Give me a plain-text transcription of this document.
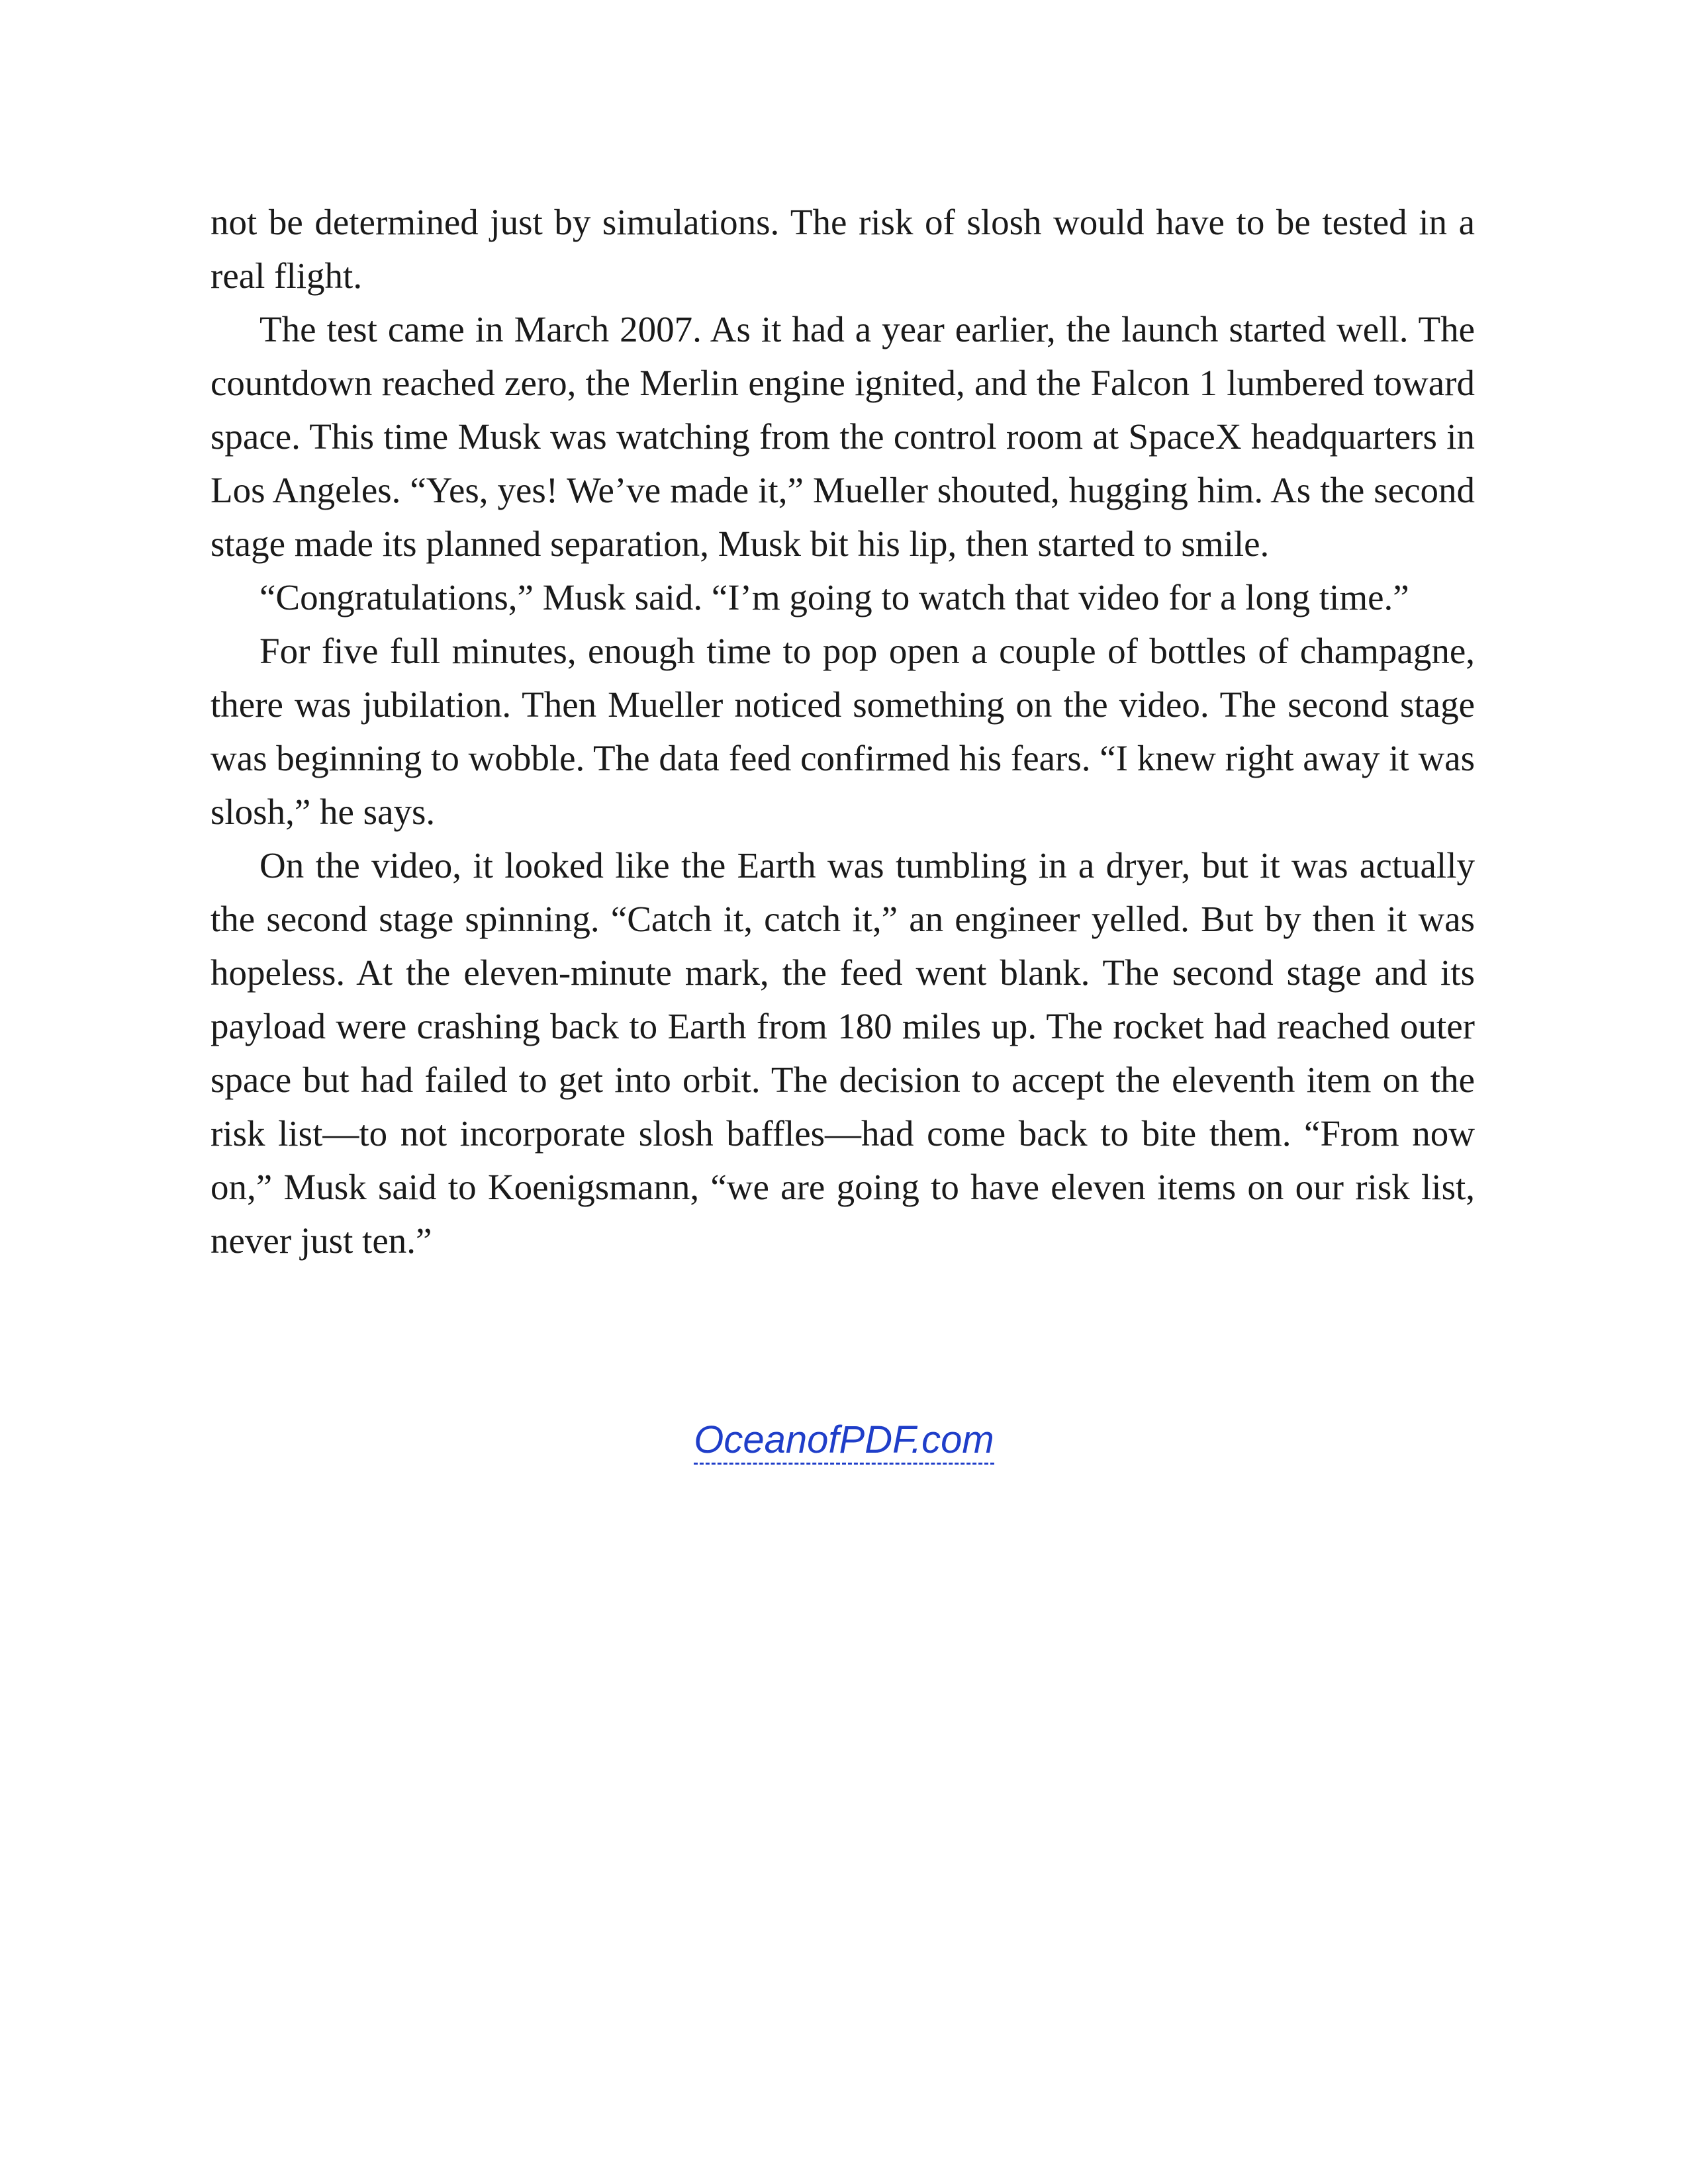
not be determined just by simulations. The risk of slosh would have to be tested in a real flight.

The test came in March 2007. As it had a year earlier, the launch started well. The countdown reached zero, the Merlin engine ignited, and the Falcon 1 lumbered toward space. This time Musk was watching from the control room at SpaceX headquarters in Los Angeles. “Yes, yes! We’ve made it,” Mueller shouted, hugging him. As the second stage made its planned separation, Musk bit his lip, then started to smile.

“Congratulations,” Musk said. “I’m going to watch that video for a long time.”

For five full minutes, enough time to pop open a couple of bottles of champagne, there was jubilation. Then Mueller noticed something on the video. The second stage was beginning to wobble. The data feed confirmed his fears. “I knew right away it was slosh,” he says.

On the video, it looked like the Earth was tumbling in a dryer, but it was actually the second stage spinning. “Catch it, catch it,” an engineer yelled. But by then it was hopeless. At the eleven-minute mark, the feed went blank. The second stage and its payload were crashing back to Earth from 180 miles up. The rocket had reached outer space but had failed to get into orbit. The decision to accept the eleventh item on the risk list—to not incorporate slosh baffles—had come back to bite them. “From now on,” Musk said to Koenigsmann, “we are going to have eleven items on our risk list, never just ten.”

OceanofPDF.com
